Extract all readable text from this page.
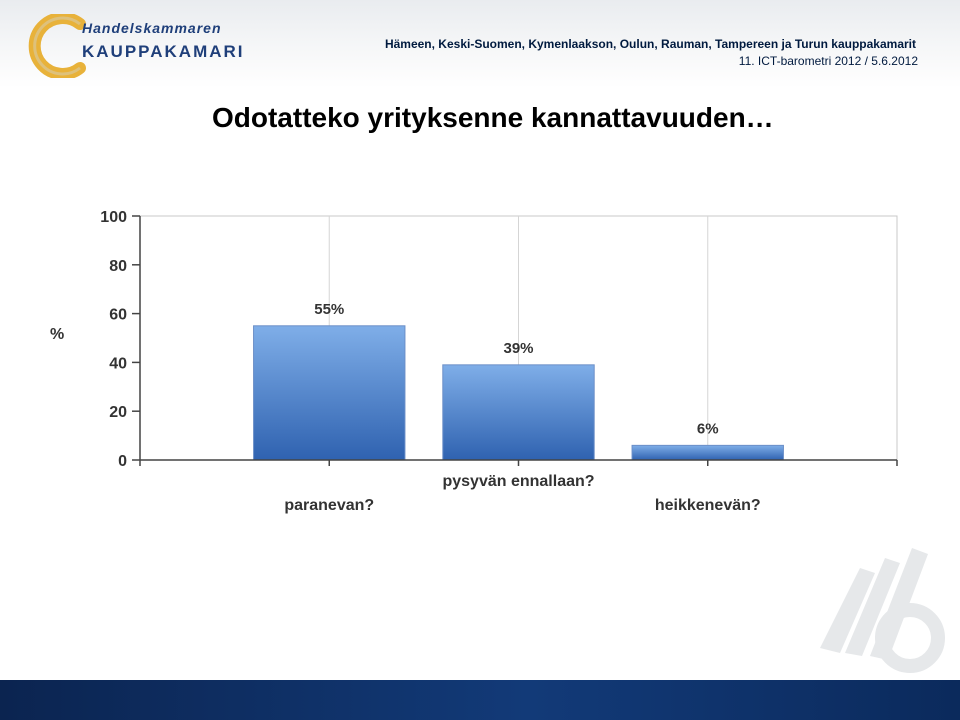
Handelskammaren
KAUPPAKAMARI	Hämeen, Keski-Suomen, Kymenlaakson, Oulun, Rauman, Tampereen ja Turun kauppakamarit
11. ICT-barometri 2012 / 5.6.2012
Odotatteko yrityksenne kannattavuuden…
%
0
20
40
60
80
100
55%
paranevan?
39%
pysyvän ennallaan?
6%
heikkenevän?
